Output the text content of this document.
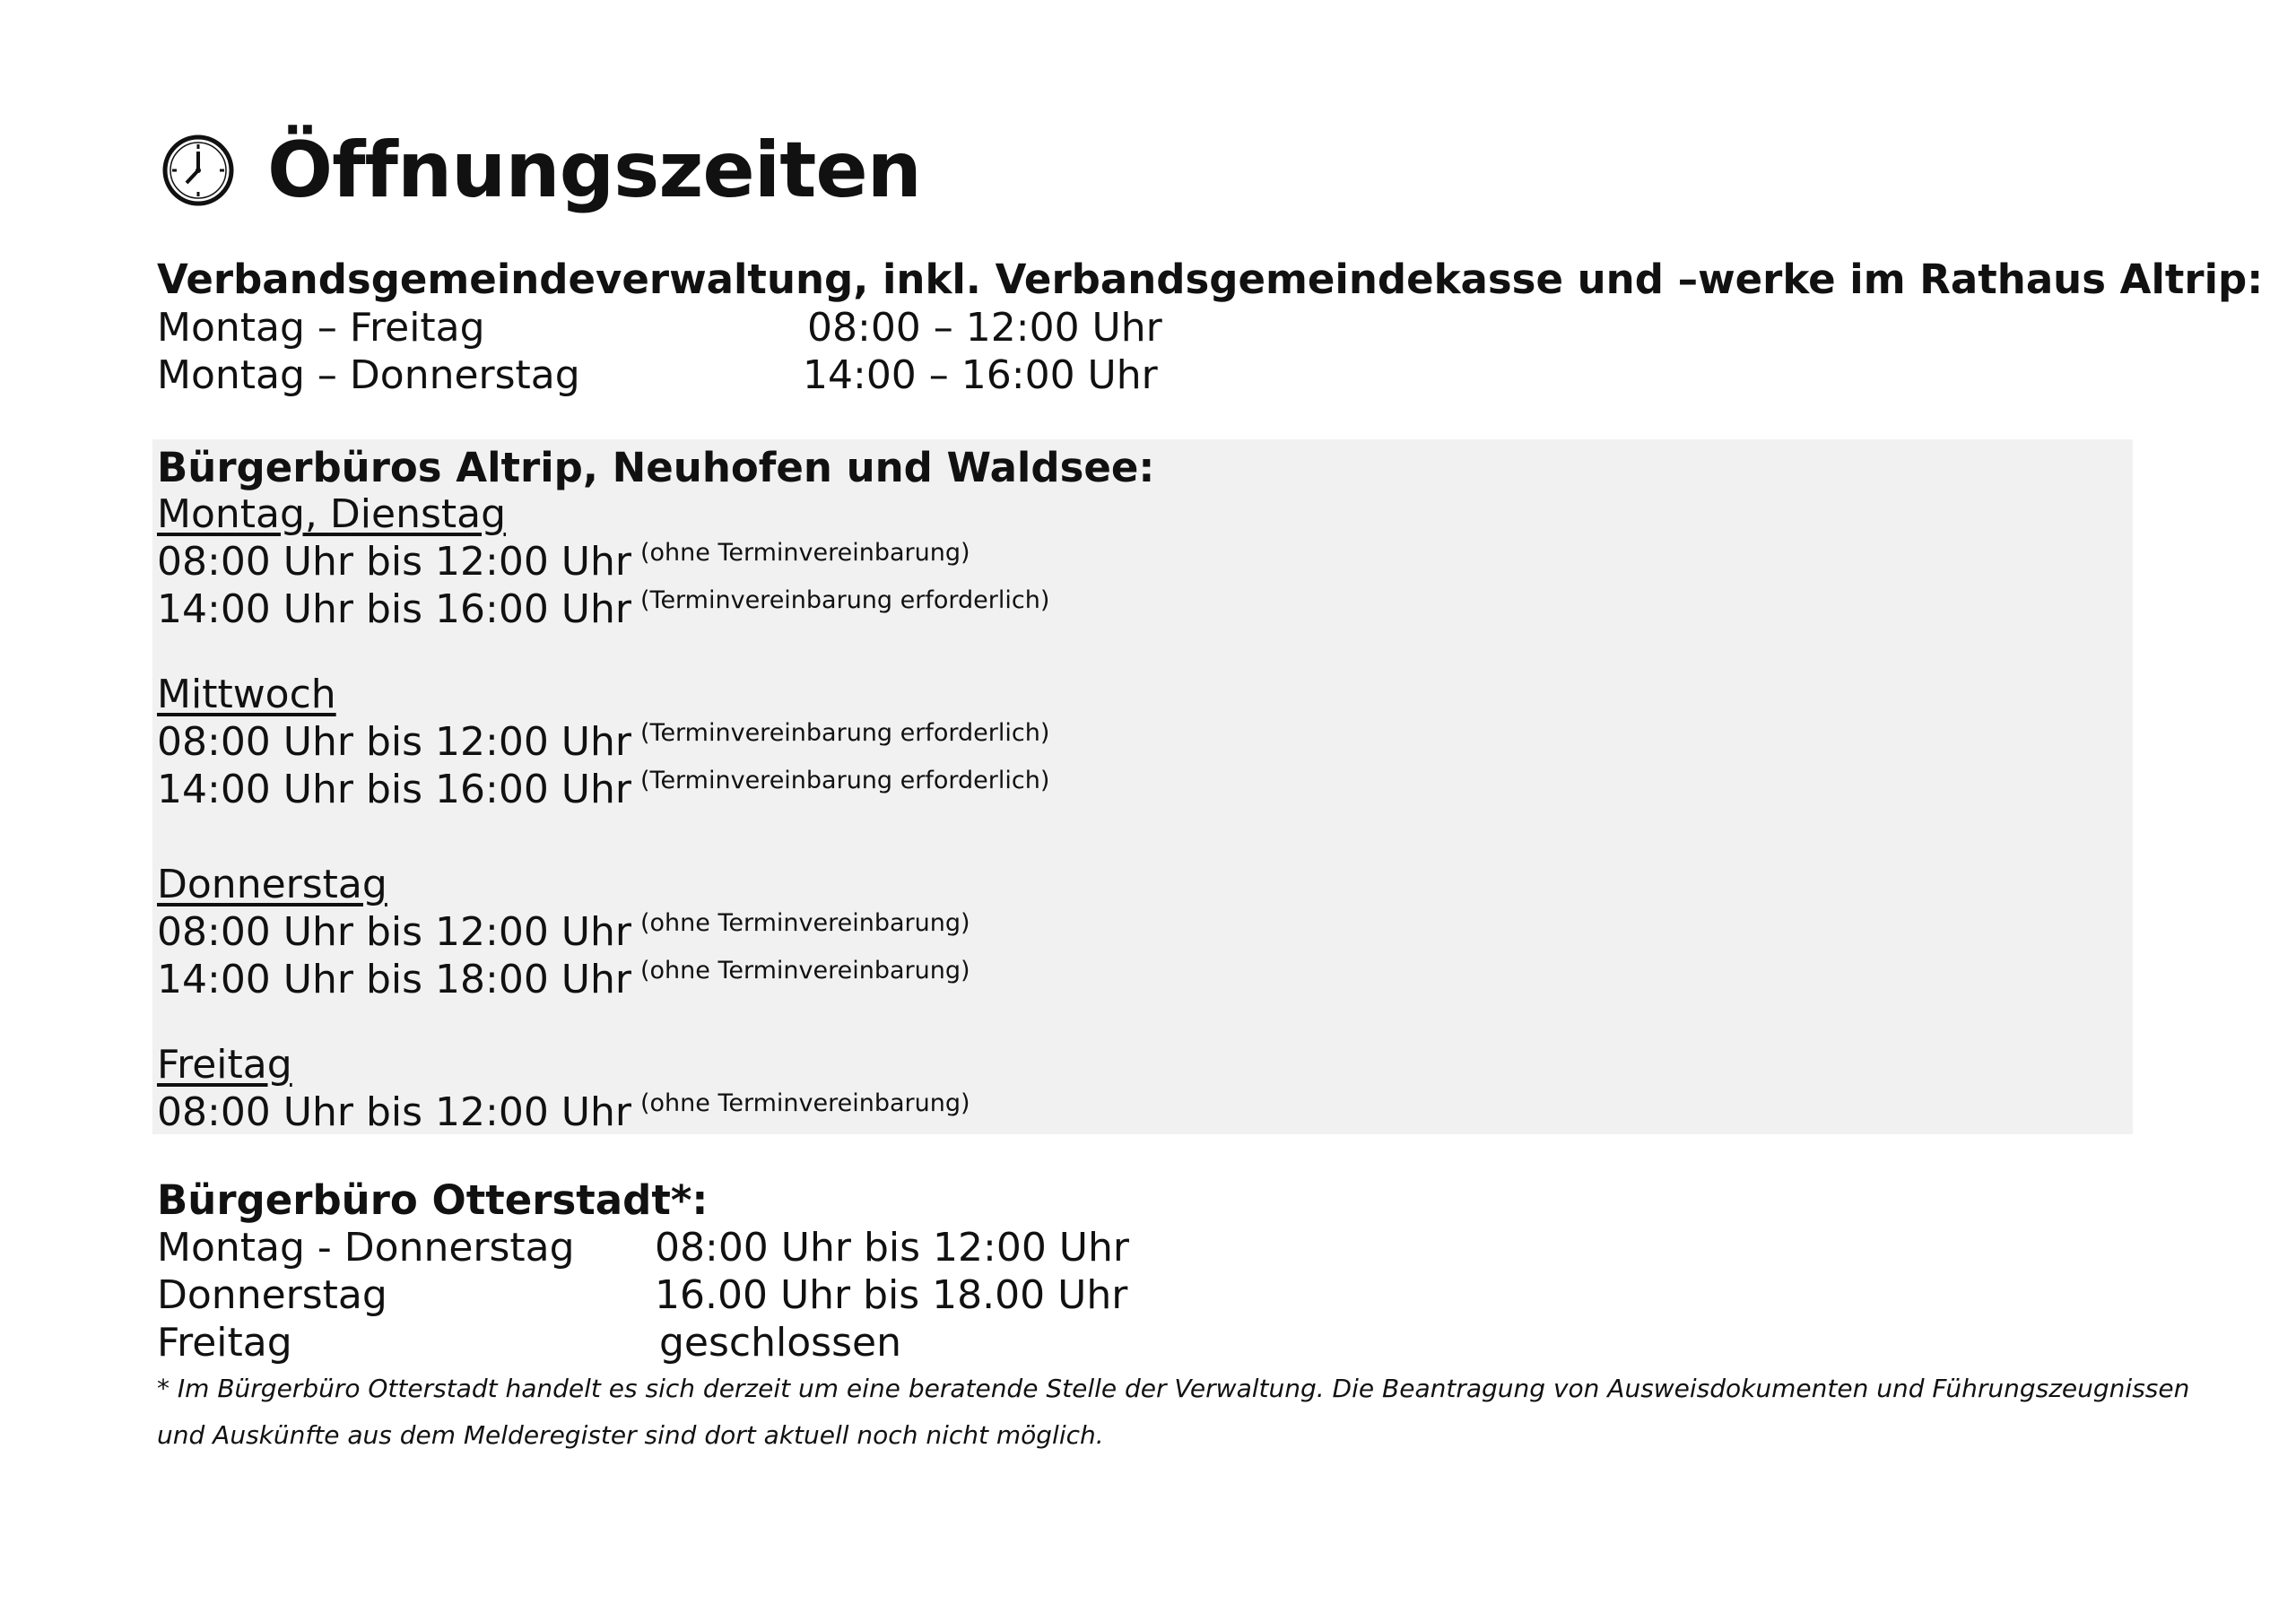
Öffnungszeiten
Verbandsgemeindeverwaltung, inkl. Verbandsgemeindekasse und –werke im Rathaus Altrip:
Montag – Freitag	08:00 – 12:00 Uhr
Montag – Donnerstag	14:00 – 16:00 Uhr
Bürgerbüros Altrip, Neuhofen und Waldsee:
Montag, Dienstag
08:00 Uhr bis 12:00 Uhr $^{(ohne Terminvereinbarung)}$
14:00 Uhr bis 16:00 Uhr $^{(Terminvereinbarung erforderlich)}$
Mittwoch
08:00 Uhr bis 12:00 Uhr $^{(Terminvereinbarung erforderlich)}$
14:00 Uhr bis 16:00 Uhr $^{(Terminvereinbarung erforderlich)}$
Donnerstag
08:00 Uhr bis 12:00 Uhr $^{(ohne Terminvereinbarung)}$
14:00 Uhr bis 18:00 Uhr $^{(ohne Terminvereinbarung)}$
Freitag
08:00 Uhr bis 12:00 Uhr $^{(ohne Terminvereinbarung)}$
Bürgerbüro Otterstadt*:
Montag - Donnerstag 08:00 Uhr bis 12:00 Uhr
Donnerstag	16.00 Uhr bis 18.00 Uhr
Freitag	geschlossen
* Im Bürgerbüro Otterstadt handelt es sich derzeit um eine beratende Stelle der Verwaltung. Die Beantragung von Ausweisdokumenten und Führungszeugnissen
und Auskünfte aus dem Melderegister sind dort aktuell noch nicht möglich.
